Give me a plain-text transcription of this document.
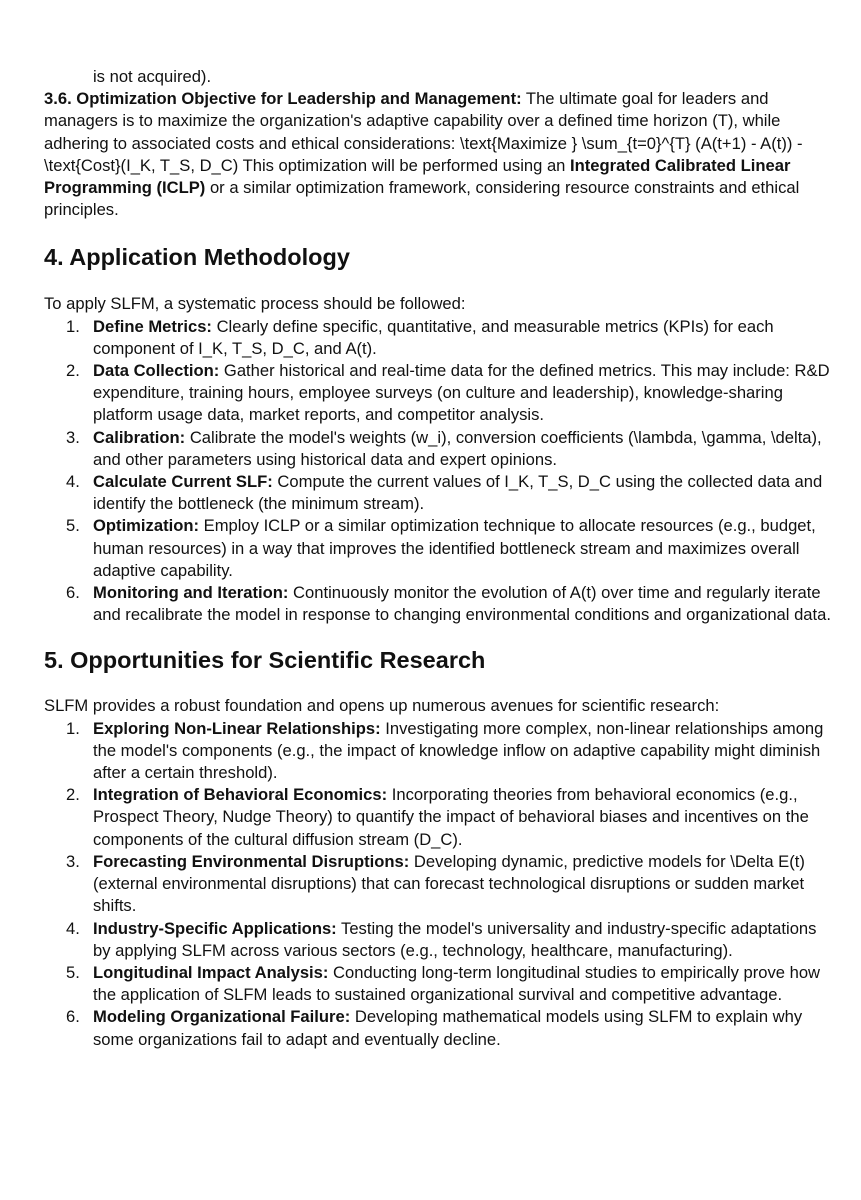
is not acquired).

3.6. Optimization Objective for Leadership and Management: The ultimate goal for leaders and managers is to maximize the organization's adaptive capability over a defined time horizon (T), while adhering to associated costs and ethical considerations: \text{Maximize } \sum_{t=0}^{T} (A(t+1) - A(t)) - \text{Cost}(I_K, T_S, D_C) This optimization will be performed using an Integrated Calibrated Linear Programming (ICLP) or a similar optimization framework, considering resource constraints and ethical principles.

4. Application Methodology

To apply SLFM, a systematic process should be followed:

1. Define Metrics: Clearly define specific, quantitative, and measurable metrics (KPIs) for each component of I_K, T_S, D_C, and A(t).
2. Data Collection: Gather historical and real-time data for the defined metrics. This may include: R&D expenditure, training hours, employee surveys (on culture and leadership), knowledge-sharing platform usage data, market reports, and competitor analysis.
3. Calibration: Calibrate the model's weights (w_i), conversion coefficients (\lambda, \gamma, \delta), and other parameters using historical data and expert opinions.
4. Calculate Current SLF: Compute the current values of I_K, T_S, D_C using the collected data and identify the bottleneck (the minimum stream).
5. Optimization: Employ ICLP or a similar optimization technique to allocate resources (e.g., budget, human resources) in a way that improves the identified bottleneck stream and maximizes overall adaptive capability.
6. Monitoring and Iteration: Continuously monitor the evolution of A(t) over time and regularly iterate and recalibrate the model in response to changing environmental conditions and organizational data.
5. Opportunities for Scientific Research

SLFM provides a robust foundation and opens up numerous avenues for scientific research:

1. Exploring Non-Linear Relationships: Investigating more complex, non-linear relationships among the model's components (e.g., the impact of knowledge inflow on adaptive capability might diminish after a certain threshold).
2. Integration of Behavioral Economics: Incorporating theories from behavioral economics (e.g., Prospect Theory, Nudge Theory) to quantify the impact of behavioral biases and incentives on the components of the cultural diffusion stream (D_C).
3. Forecasting Environmental Disruptions: Developing dynamic, predictive models for \Delta E(t) (external environmental disruptions) that can forecast technological disruptions or sudden market shifts.
4. Industry-Specific Applications: Testing the model's universality and industry-specific adaptations by applying SLFM across various sectors (e.g., technology, healthcare, manufacturing).
5. Longitudinal Impact Analysis: Conducting long-term longitudinal studies to empirically prove how the application of SLFM leads to sustained organizational survival and competitive advantage.
6. Modeling Organizational Failure: Developing mathematical models using SLFM to explain why some organizations fail to adapt and eventually decline.
